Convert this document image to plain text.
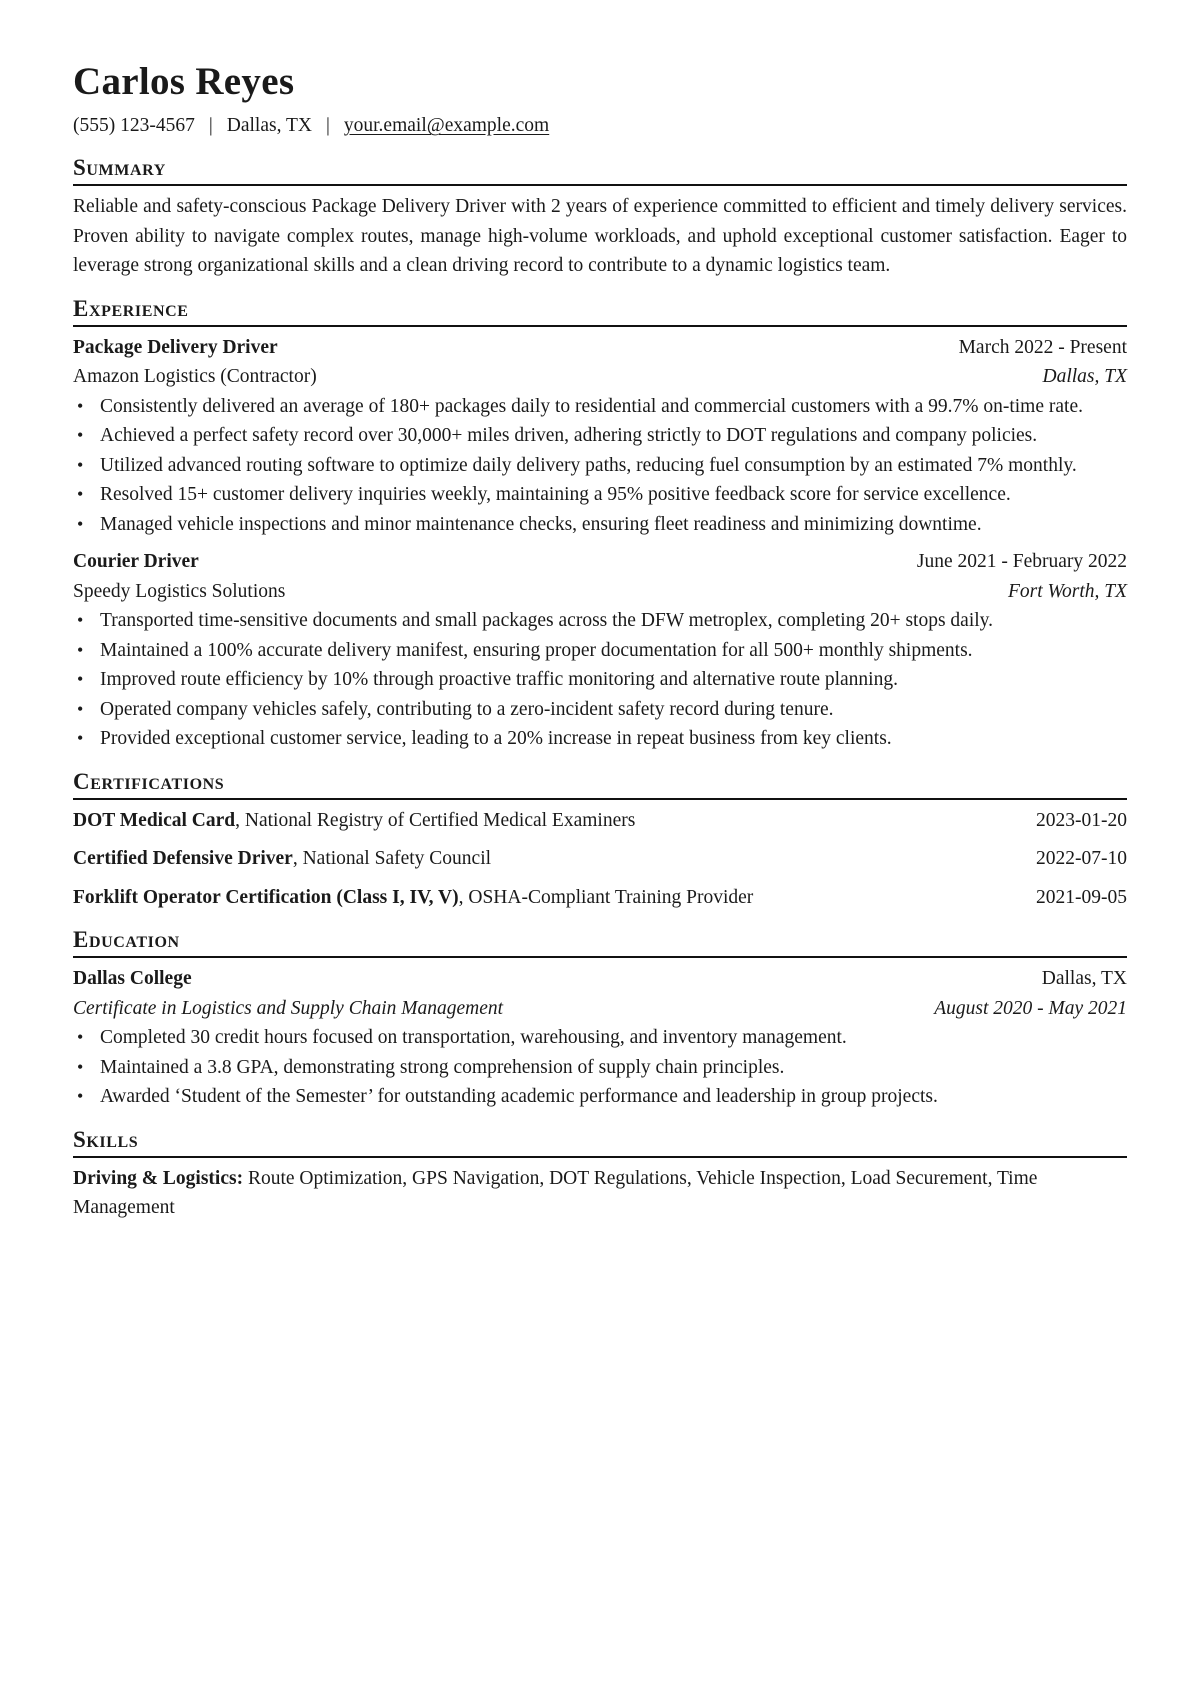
Carlos Reyes
(555) 123-4567 | Dallas, TX | your.email@example.com
Summary

Reliable and safety-conscious Package Delivery Driver with 2 years of experience committed to efficient and timely delivery services. Proven ability to navigate complex routes, manage high-volume workloads, and uphold exceptional customer satisfaction. Eager to leverage strong organizational skills and a clean driving record to contribute to a dynamic logistics team.

Experience
Package Delivery Driver	March 2022 - Present
Amazon Logistics (Contractor)	Dallas, TX
• Consistently delivered an average of 180+ packages daily to residential and commercial customers with a 99.7% on-time rate.
• Achieved a perfect safety record over 30,000+ miles driven, adhering strictly to DOT regulations and company policies.
• Utilized advanced routing software to optimize daily delivery paths, reducing fuel consumption by an estimated 7% monthly.
• Resolved 15+ customer delivery inquiries weekly, maintaining a 95% positive feedback score for service excellence.
• Managed vehicle inspections and minor maintenance checks, ensuring fleet readiness and minimizing downtime.
Courier Driver	June 2021 - February 2022
Speedy Logistics Solutions	Fort Worth, TX
• Transported time-sensitive documents and small packages across the DFW metroplex, completing 20+ stops daily.
• Maintained a 100% accurate delivery manifest, ensuring proper documentation for all 500+ monthly shipments.
• Improved route efficiency by 10% through proactive traffic monitoring and alternative route planning.
• Operated company vehicles safely, contributing to a zero-incident safety record during tenure.
• Provided exceptional customer service, leading to a 20% increase in repeat business from key clients.
Certifications
DOT Medical Card, National Registry of Certified Medical Examiners	2023-01-20
Certified Defensive Driver, National Safety Council	2022-07-10
Forklift Operator Certification (Class I, IV, V), OSHA-Compliant Training Provider	2021-09-05
Education
Dallas College	Dallas, TX
Certificate in Logistics and Supply Chain Management	August 2020 - May 2021
• Completed 30 credit hours focused on transportation, warehousing, and inventory management.
• Maintained a 3.8 GPA, demonstrating strong comprehension of supply chain principles.
• Awarded ‘Student of the Semester’ for outstanding academic performance and leadership in group projects.
Skills

Driving & Logistics: Route Optimization, GPS Navigation, DOT Regulations, Vehicle Inspection, Load Securement, Time Management
